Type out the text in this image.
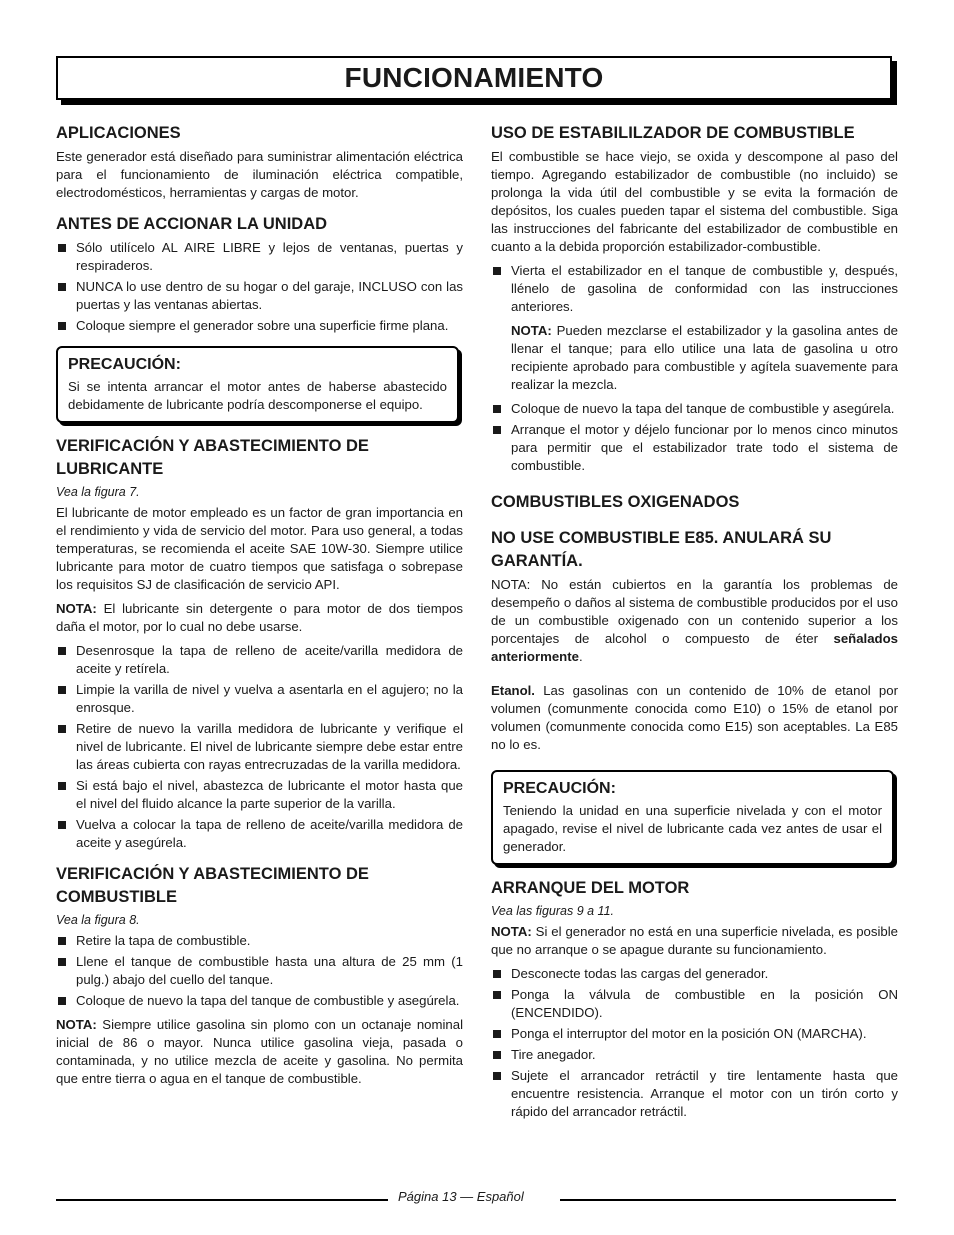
FUNCIONAMIENTO
APLICACIONES

Este generador está diseñado para suministrar alimentación eléctrica para el funcionamiento de iluminación eléctrica compatible, electrodomésticos, herramientas y cargas de motor.

ANTES DE ACCIONAR LA UNIDAD
Sólo utilícelo AL AIRE LIBRE y lejos de ventanas, puertas y respiraderos.
NUNCA lo use dentro de su hogar o del garaje, INCLUSO con las puertas y las ventanas abiertas.
Coloque siempre el generador sobre una superficie firme plana.
PRECAUCIÓN:

Si se intenta arrancar el motor antes de haberse abastecido debidamente de lubricante podría descomponerse el equipo.

VERIFICACIÓN Y ABASTECIMIENTO DE LUBRICANTE

Vea la figura 7.

El lubricante de motor empleado es un factor de gran importancia en el rendimiento y vida de servicio del motor. Para uso general, a todas temperaturas, se recomienda el aceite SAE 10W-30. Siempre utilice lubricante para motor de cuatro tiempos que satisfaga o sobrepase los requisitos SJ de clasificación de servicio API.

NOTA: El lubricante sin detergente o para motor de dos tiempos daña el motor, por lo cual no debe usarse.

Desenrosque la tapa de relleno de aceite/varilla medidora de aceite y retírela.
Limpie la varilla de nivel y vuelva a asentarla en el agujero; no la enrosque.
Retire de nuevo la varilla medidora de lubricante y verifique el nivel de lubricante. El nivel de lubricante siempre debe estar entre las áreas cubierta con rayas entrecruzadas de la varilla medidora.
Si está bajo el nivel, abastezca de lubricante el motor hasta que el nivel del fluido alcance la parte superior de la varilla.
Vuelva a colocar la tapa de relleno de aceite/varilla medidora de aceite y asegúrela.
VERIFICACIÓN Y ABASTECIMIENTO DE COMBUSTIBLE

Vea la figura 8.

Retire la tapa de combustible.
Llene el tanque de combustible hasta una altura de 25 mm (1 pulg.) abajo del cuello del tanque.
Coloque de nuevo la tapa del tanque de combustible y asegúrela.

NOTA: Siempre utilice gasolina sin plomo con un octanaje nominal inicial de 86 o mayor. Nunca utilice gasolina vieja, pasada o contaminada, y no utilice mezcla de aceite y gasolina. No permita que entre tierra o agua en el tanque de combustible.

USO DE ESTABILILZADOR DE COMBUSTIBLE

El combustible se hace viejo, se oxida y descompone al paso del tiempo. Agregando estabilizador de combustible (no incluido) se prolonga la vida útil del combustible y se evita la formación de depósitos, los cuales pueden tapar el sistema del combustible. Siga las instrucciones del fabricante del estabilizador de combustible en cuanto a la debida proporción estabilizador-combustible.

Vierta el estabilizador en el tanque de combustible y, después, llénelo de gasolina de conformidad con las instrucciones anteriores.

NOTA: Pueden mezclarse el estabilizador y la gasolina antes de llenar el tanque; para ello utilice una lata de gasolina u otro recipiente aprobado para combustible y agítela suavemente para realizar la mezcla.

Coloque de nuevo la tapa del tanque de combustible y asegúrela.
Arranque el motor y déjelo funcionar por lo menos cinco minutos para permitir que el estabilizador trate todo el sistema de combustible.
COMBUSTIBLES OXIGENADOS
NO USE COMBUSTIBLE E85. ANULARÁ SU GARANTÍA.

NOTA: No están cubiertos en la garantía los problemas de desempeño o daños al sistema de combustible producidos por el uso de un combustible oxigenado con un contenido superior a los porcentajes de alcohol o compuesto de éter señalados anteriormente.

Etanol. Las gasolinas con un contenido de 10% de etanol por volumen (comunmente conocida como E10) o 15% de etanol por volumen (comunmente conocida como E15) son aceptables. La E85 no lo es.

PRECAUCIÓN:

Teniendo la unidad en una superficie nivelada y con el motor apagado, revise el nivel de lubricante cada vez antes de usar el generador.

ARRANQUE DEL MOTOR

Vea las figuras 9 a 11.

NOTA: Si el generador no está en una superficie nivelada, es posible que no arranque o se apague durante su funcionamiento.

Desconecte todas las cargas del generador.
Ponga la válvula de combustible en la posición ON (ENCENDIDO).
Ponga el interruptor del motor en la posición ON (MARCHA).
Tire anegador.
Sujete el arrancador retráctil y tire lentamente hasta que encuentre resistencia. Arranque el motor con un tirón corto y rápido del arrancador retráctil.
Página 13 — Español
